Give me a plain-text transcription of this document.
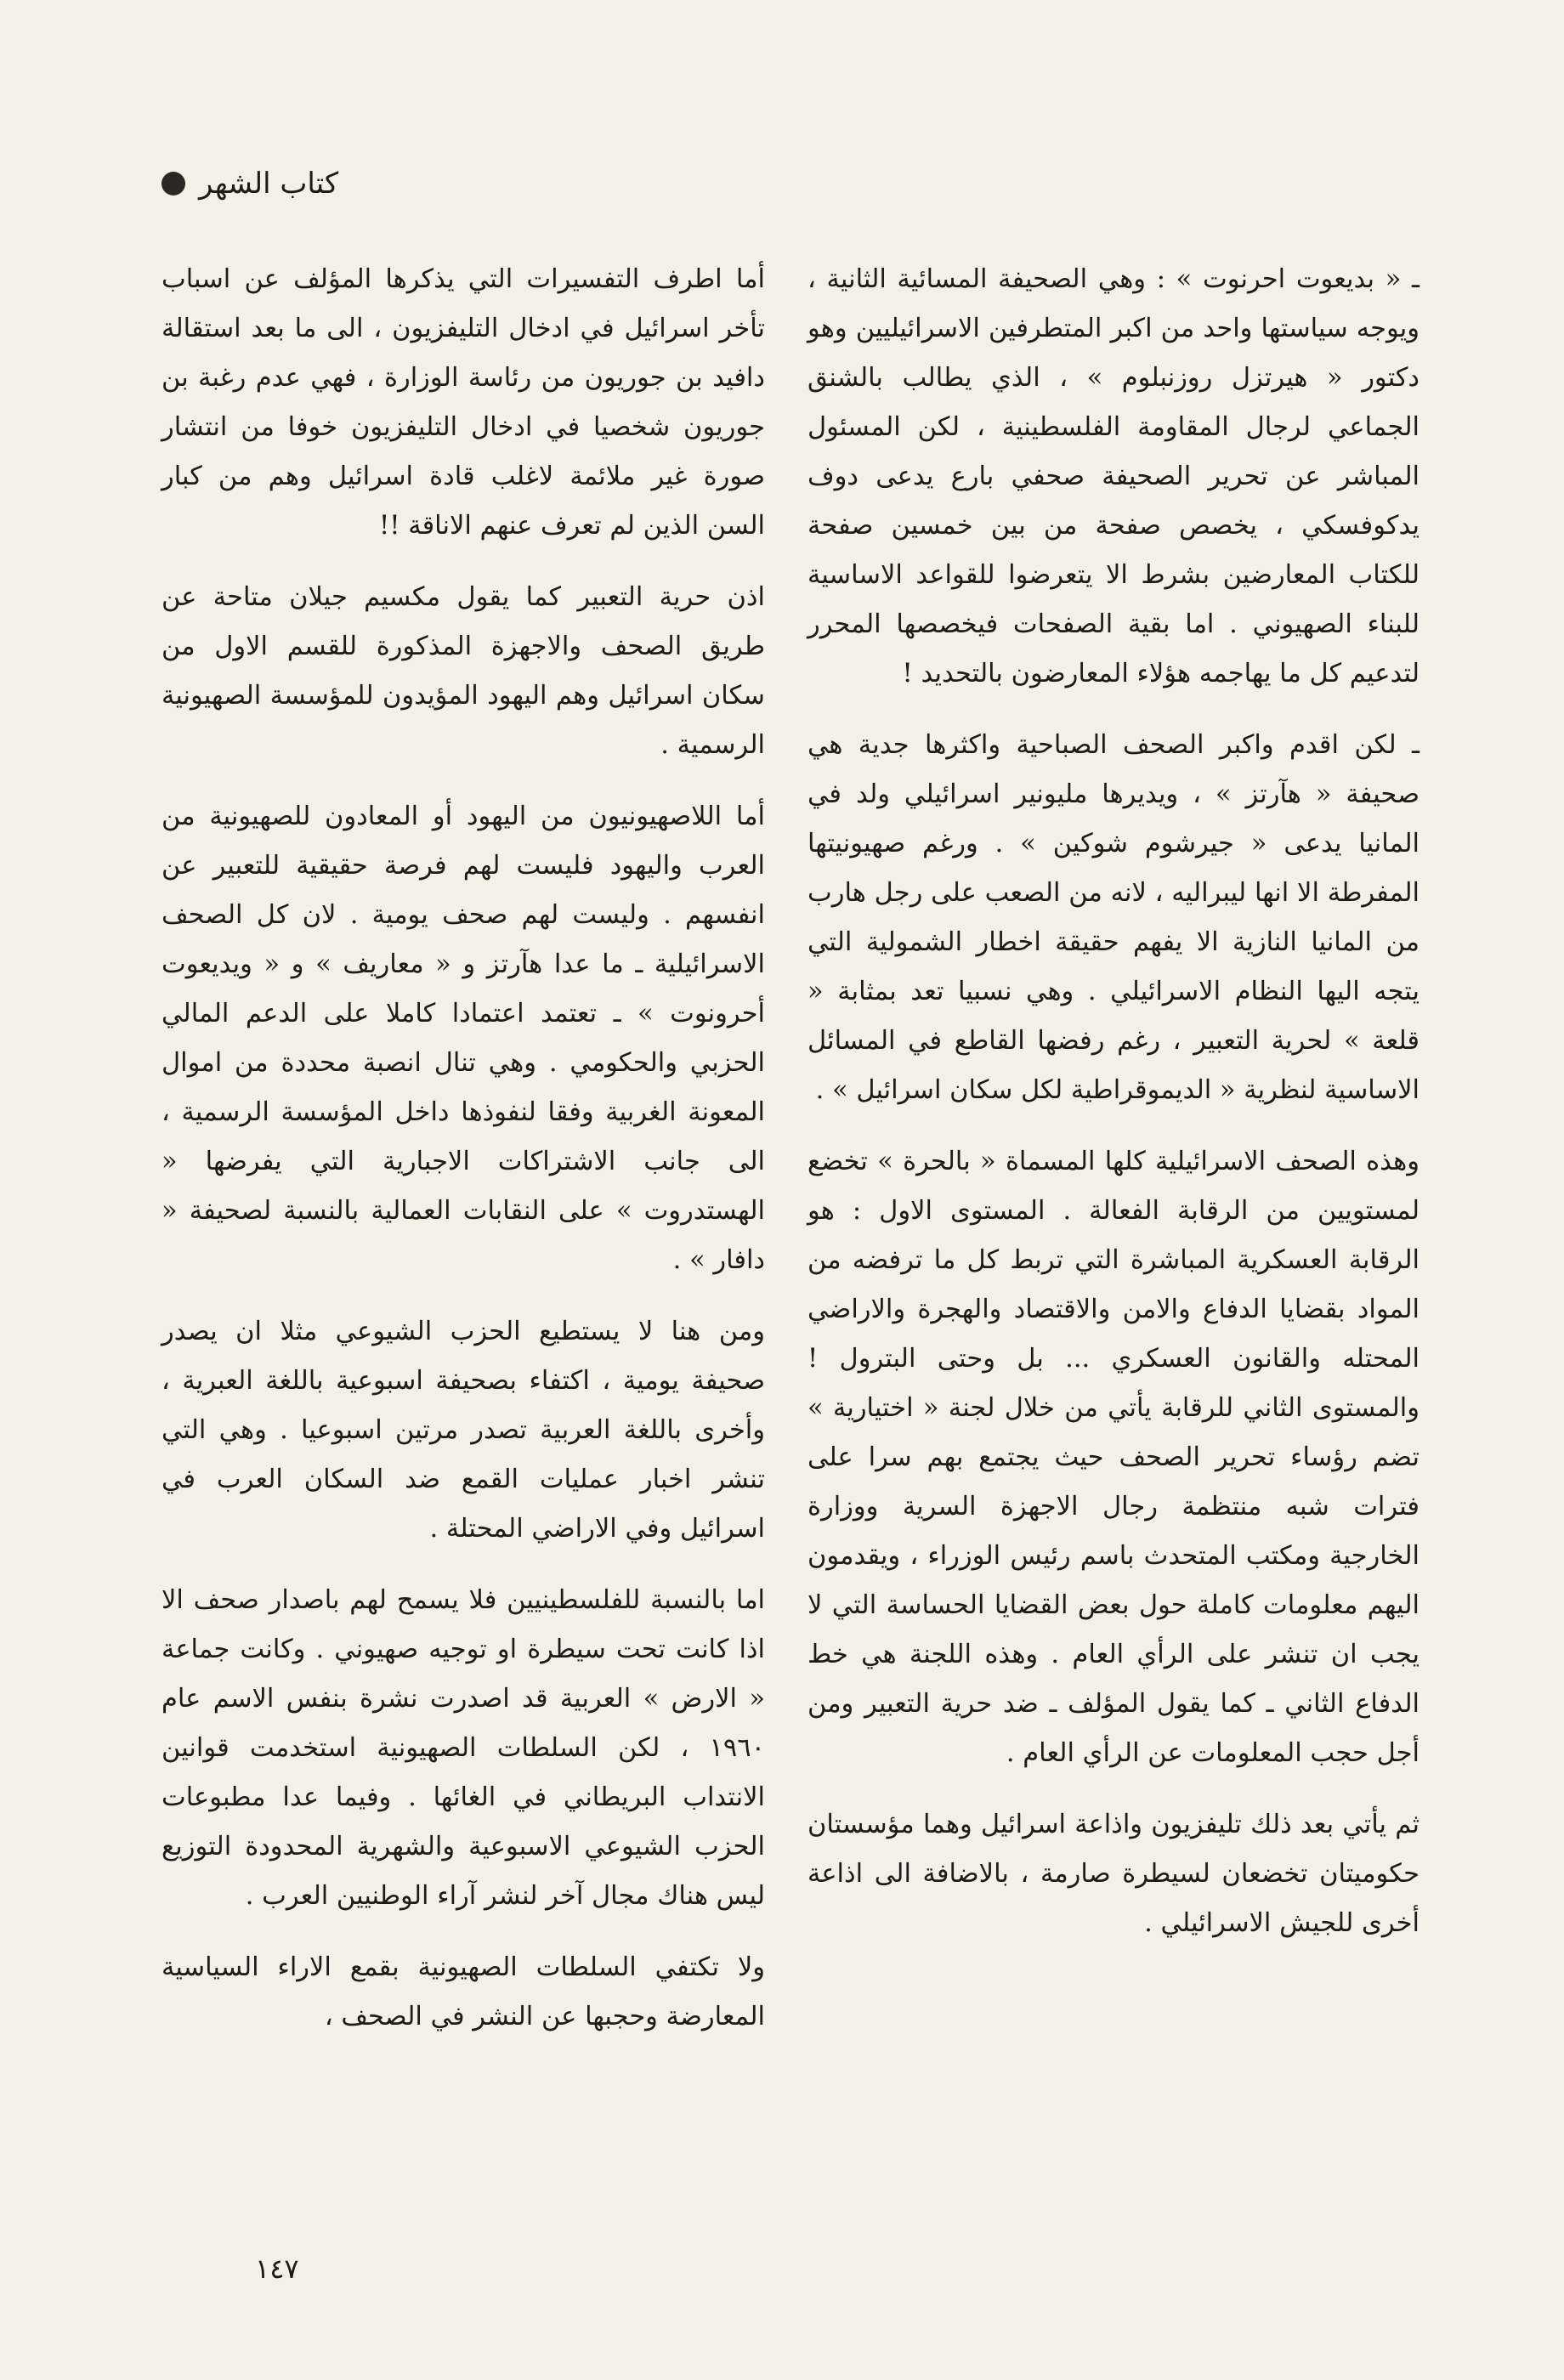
كتاب الشهر

ـ « بديعوت احرنوت » : وهي الصحيفة المسائية الثانية ، ويوجه سياستها واحد من اكبر المتطرفين الاسرائيليين وهو دكتور « هيرتزل روزنبلوم » ، الذي يطالب بالشنق الجماعي لرجال المقاومة الفلسطينية ، لكن المسئول المباشر عن تحرير الصحيفة صحفي بارع يدعى دوف يدكوفسكي ، يخصص صفحة من بين خمسين صفحة للكتاب المعارضين بشرط الا يتعرضوا للقواعد الاساسية للبناء الصهيوني . اما بقية الصفحات فيخصصها المحرر لتدعيم كل ما يهاجمه هؤلاء المعارضون بالتحديد !

ـ لكن اقدم واكبر الصحف الصباحية واكثرها جدية هي صحيفة « هآرتز » ، ويديرها مليونير اسرائيلي ولد في المانيا يدعى « جيرشوم شوكين » . ورغم صهيونيتها المفرطة الا انها ليبراليه ، لانه من الصعب على رجل هارب من المانيا النازية الا يفهم حقيقة اخطار الشمولية التي يتجه اليها النظام الاسرائيلي . وهي نسبيا تعد بمثابة « قلعة » لحرية التعبير ، رغم رفضها القاطع في المسائل الاساسية لنظرية « الديموقراطية لكل سكان اسرائيل » .

وهذه الصحف الاسرائيلية كلها المسماة « بالحرة » تخضع لمستويين من الرقابة الفعالة . المستوى الاول : هو الرقابة العسكرية المباشرة التي تربط كل ما ترفضه من المواد بقضايا الدفاع والامن والاقتصاد والهجرة والاراضي المحتله والقانون العسكري ... بل وحتى البترول ! والمستوى الثاني للرقابة يأتي من خلال لجنة « اختيارية » تضم رؤساء تحرير الصحف حيث يجتمع بهم سرا على فترات شبه منتظمة رجال الاجهزة السرية ووزارة الخارجية ومكتب المتحدث باسم رئيس الوزراء ، ويقدمون اليهم معلومات كاملة حول بعض القضايا الحساسة التي لا يجب ان تنشر على الرأي العام . وهذه اللجنة هي خط الدفاع الثاني ـ كما يقول المؤلف ـ ضد حرية التعبير ومن أجل حجب المعلومات عن الرأي العام .

ثم يأتي بعد ذلك تليفزيون واذاعة اسرائيل وهما مؤسستان حكوميتان تخضعان لسيطرة صارمة ، بالاضافة الى اذاعة أخرى للجيش الاسرائيلي .

أما اطرف التفسيرات التي يذكرها المؤلف عن اسباب تأخر اسرائيل في ادخال التليفزيون ، الى ما بعد استقالة دافيد بن جوريون من رئاسة الوزارة ، فهي عدم رغبة بن جوريون شخصيا في ادخال التليفزيون خوفا من انتشار صورة غير ملائمة لاغلب قادة اسرائيل وهم من كبار السن الذين لم تعرف عنهم الاناقة !!

اذن حرية التعبير كما يقول مكسيم جيلان متاحة عن طريق الصحف والاجهزة المذكورة للقسم الاول من سكان اسرائيل وهم اليهود المؤيدون للمؤسسة الصهيونية الرسمية .

أما اللاصهيونيون من اليهود أو المعادون للصهيونية من العرب واليهود فليست لهم فرصة حقيقية للتعبير عن انفسهم . وليست لهم صحف يومية . لان كل الصحف الاسرائيلية ـ ما عدا هآرتز و « معاريف » و « ويديعوت أحرونوت » ـ تعتمد اعتمادا كاملا على الدعم المالي الحزبي والحكومي . وهي تنال انصبة محددة من اموال المعونة الغربية وفقا لنفوذها داخل المؤسسة الرسمية ، الى جانب الاشتراكات الاجبارية التي يفرضها « الهستدروت » على النقابات العمالية بالنسبة لصحيفة « دافار » .

ومن هنا لا يستطيع الحزب الشيوعي مثلا ان يصدر صحيفة يومية ، اكتفاء بصحيفة اسبوعية باللغة العبرية ، وأخرى باللغة العربية تصدر مرتين اسبوعيا . وهي التي تنشر اخبار عمليات القمع ضد السكان العرب في اسرائيل وفي الاراضي المحتلة .

اما بالنسبة للفلسطينيين فلا يسمح لهم باصدار صحف الا اذا كانت تحت سيطرة او توجيه صهيوني . وكانت جماعة « الارض » العربية قد اصدرت نشرة بنفس الاسم عام ١٩٦٠ ، لكن السلطات الصهيونية استخدمت قوانين الانتداب البريطاني في الغائها . وفيما عدا مطبوعات الحزب الشيوعي الاسبوعية والشهرية المحدودة التوزيع ليس هناك مجال آخر لنشر آراء الوطنيين العرب .

ولا تكتفي السلطات الصهيونية بقمع الاراء السياسية المعارضة وحجبها عن النشر في الصحف ،

١٤٧
